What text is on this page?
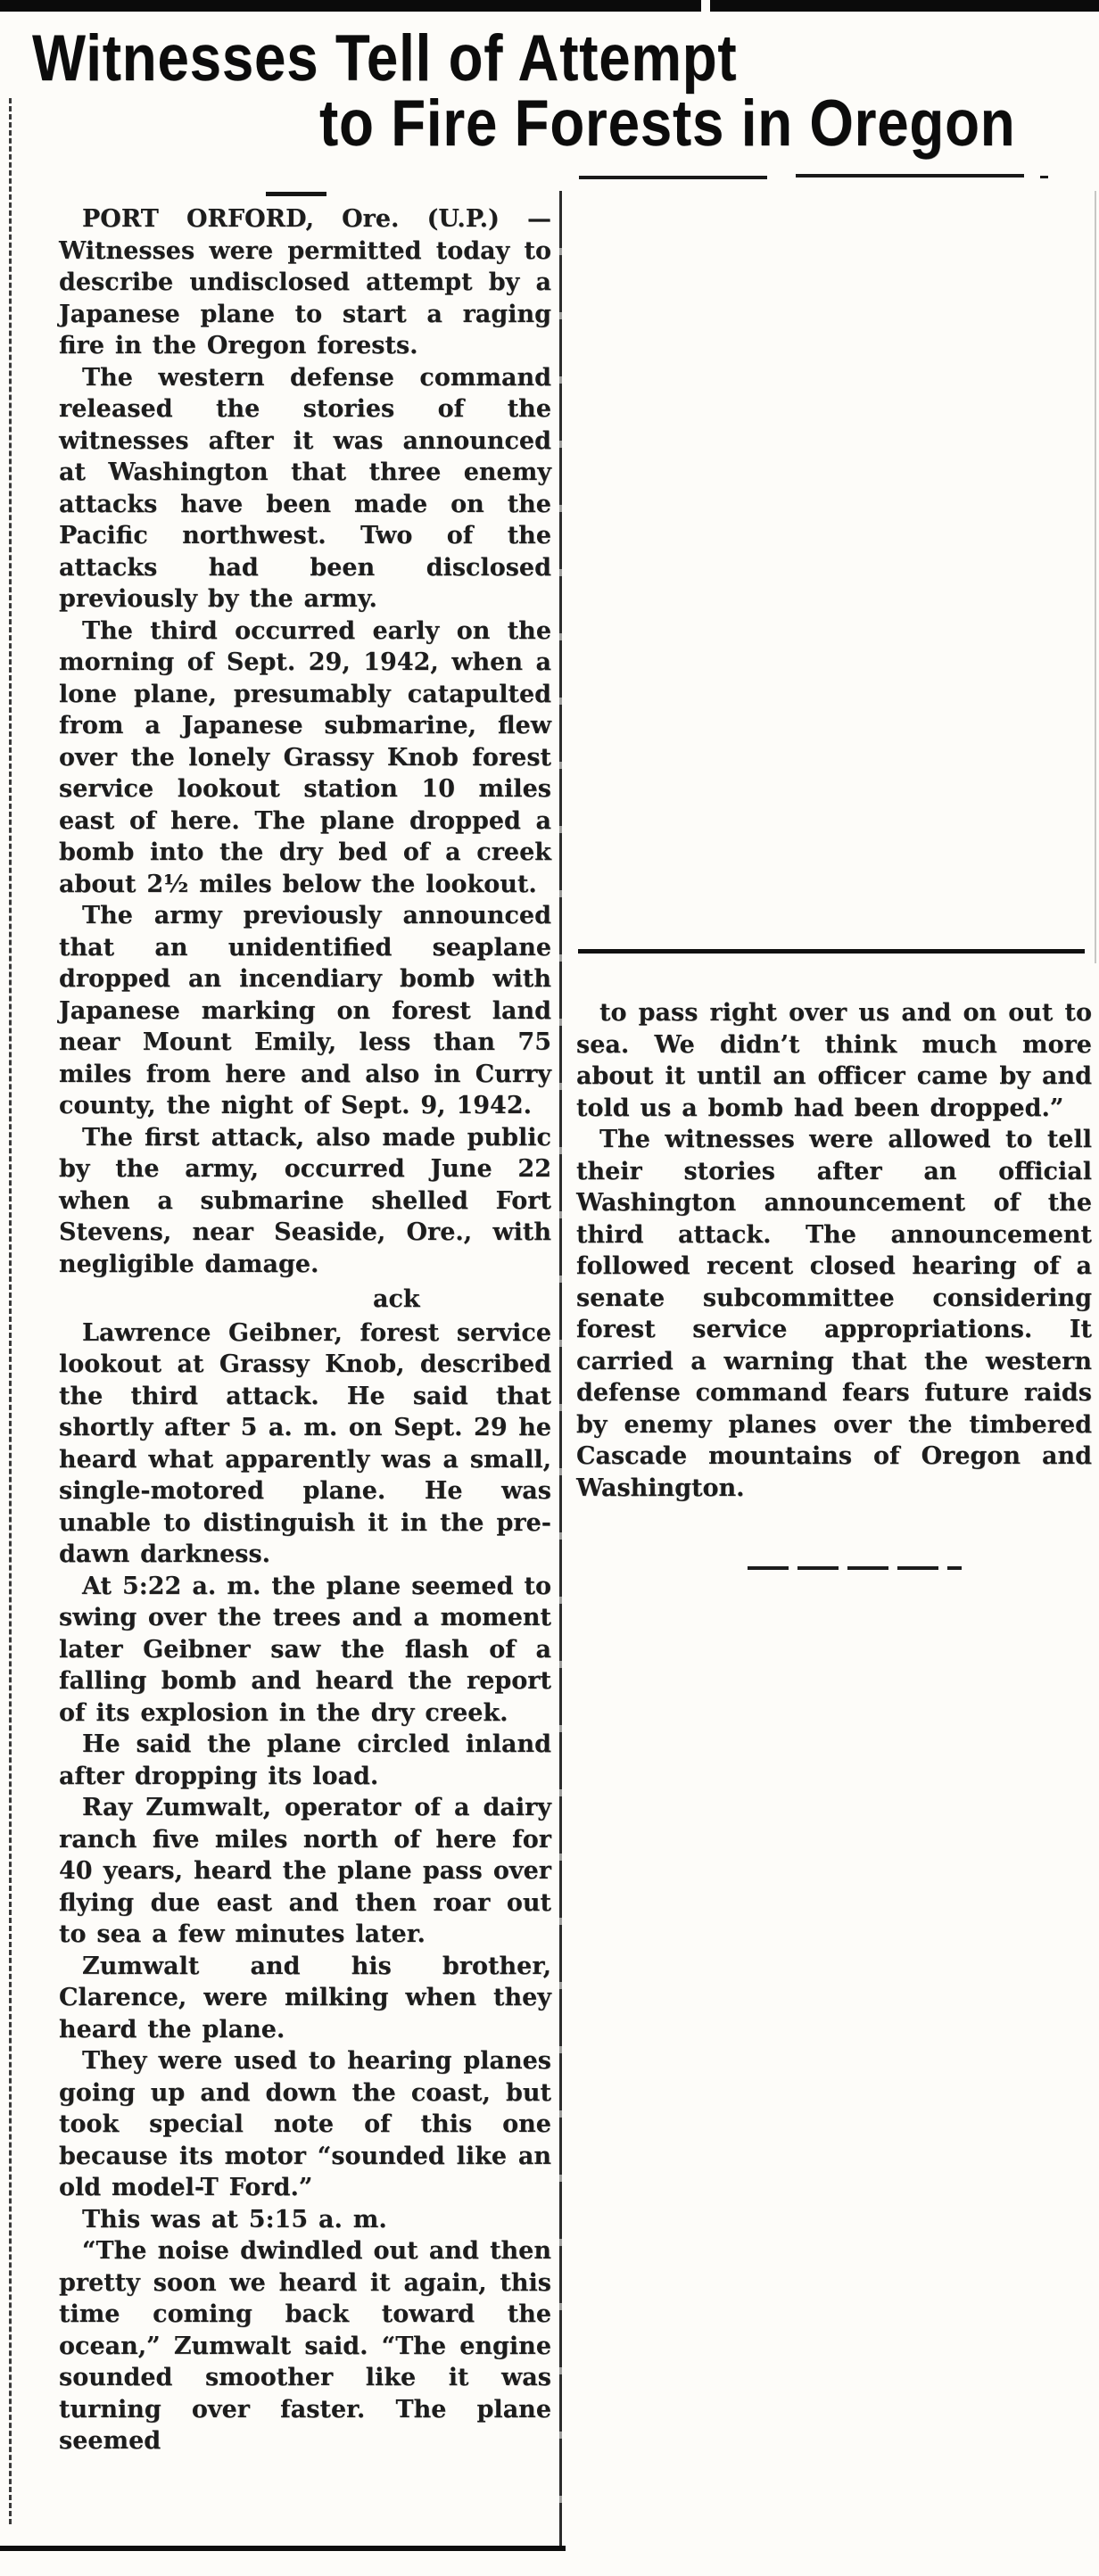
Witnesses Tell of Attempt
to Fire Forests in Oregon

PORT ORFORD, Ore. (U.P.) —Witnesses were permitted today to describe undisclosed attempt by a Japanese plane to start a raging fire in the Oregon forests.

The western defense command released the stories of the witnesses after it was announced at Washington that three enemy attacks have been made on the Pacific northwest. Two of the attacks had been disclosed previously by the army.

The third occurred early on the morning of Sept. 29, 1942, when a lone plane, presumably catapulted from a Japanese submarine, flew over the lonely Grassy Knob forest service lookout station 10 miles east of here. The plane dropped a bomb into the dry bed of a creek about 2½ miles below the lookout.

The army previously announced that an unidentified seaplane dropped an incendiary bomb with Japanese marking on forest land near Mount Emily, less than 75 miles from here and also in Curry county, the night of Sept. 9, 1942.

The first attack, also made public by the army, occurred June 22 when a submarine shelled Fort Stevens, near Seaside, Ore., with negligible damage.

ack

Lawrence Geibner, forest service lookout at Grassy Knob, described the third attack. He said that shortly after 5 a. m. on Sept. 29 he heard what apparently was a small, single-motored plane. He was unable to distinguish it in the pre-dawn darkness.

At 5:22 a. m. the plane seemed to swing over the trees and a moment later Geibner saw the flash of a falling bomb and heard the report of its explosion in the dry creek.

He said the plane circled inland after dropping its load.

Ray Zumwalt, operator of a dairy ranch five miles north of here for 40 years, heard the plane pass over flying due east and then roar out to sea a few minutes later.

Zumwalt and his brother, Clarence, were milking when they heard the plane.

They were used to hearing planes going up and down the coast, but took special note of this one because its motor “sounded like an old model-T Ford.”

This was at 5:15 a. m.

“The noise dwindled out and then pretty soon we heard it again, this time coming back toward the ocean,” Zumwalt said. “The engine sounded smoother like it was turning over faster. The plane seemed

to pass right over us and on out to sea. We didn’t think much more about it until an officer came by and told us a bomb had been dropped.”

The witnesses were allowed to tell their stories after an official Washington announcement of the third attack. The announcement followed recent closed hearing of a senate subcommittee considering forest service appropriations. It carried a warning that the western defense command fears future raids by enemy planes over the timbered Cascade mountains of Oregon and Washington.
